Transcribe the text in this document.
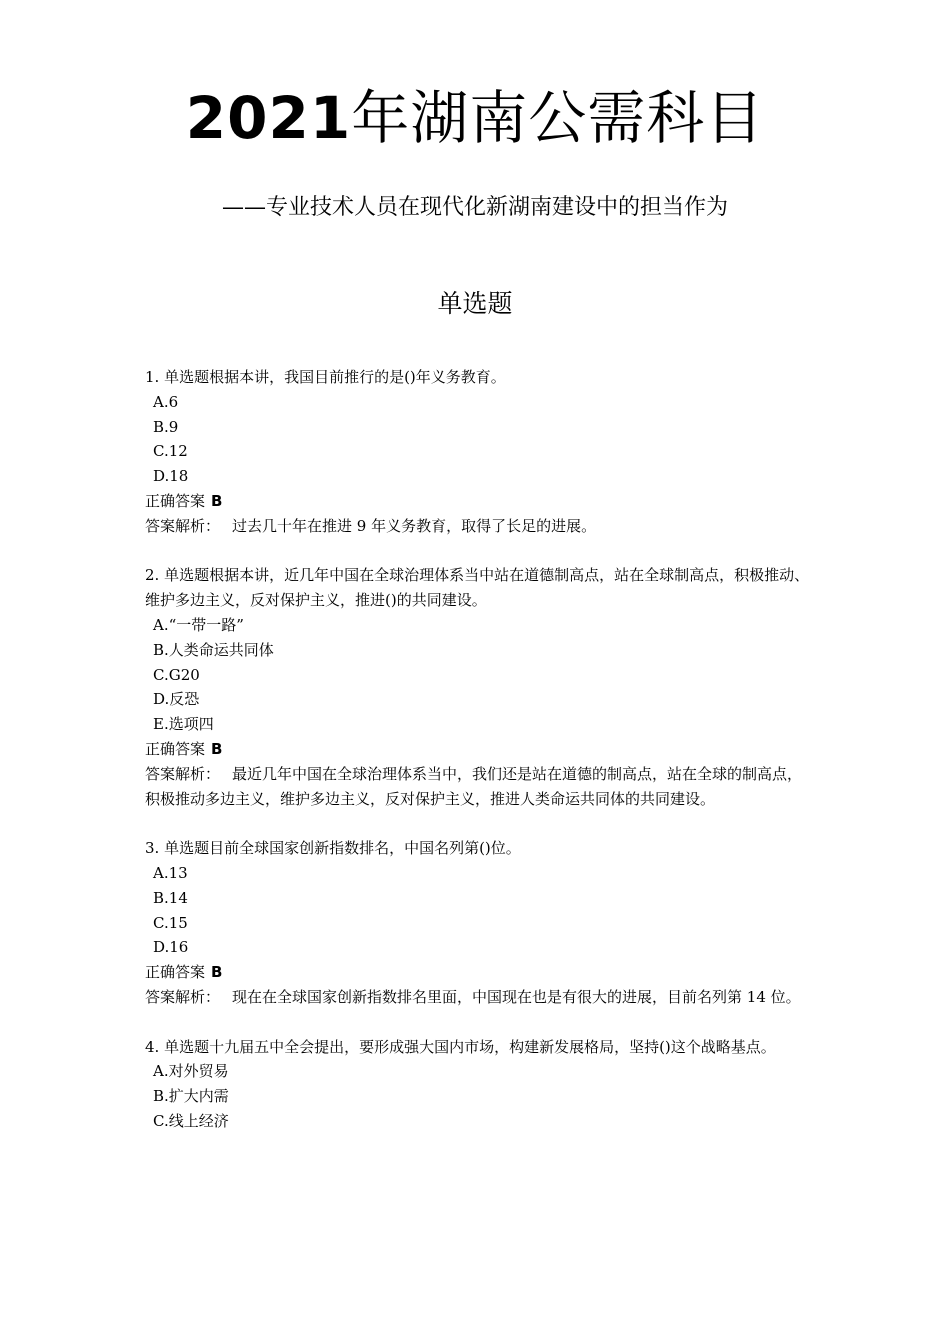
2021年湖南公需科目
——专业技术人员在现代化新湖南建设中的担当作为
单选题

1. 单选题根据本讲，我国目前推行的是()年义务教育。

A.6

B.9

C.12

D.18

正确答案 B

答案解析： 过去几十年在推进 9 年义务教育，取得了长足的进展。

2. 单选题根据本讲，近几年中国在全球治理体系当中站在道德制高点，站在全球制高点，积极推动、维护多边主义，反对保护主义，推进()的共同建设。

A.“一带一路”

B.人类命运共同体

C.G20

D.反恐

E.选项四

正确答案 B

答案解析： 最近几年中国在全球治理体系当中，我们还是站在道德的制高点，站在全球的制高点，积极推动多边主义，维护多边主义，反对保护主义，推进人类命运共同体的共同建设。

3. 单选题目前全球国家创新指数排名，中国名列第()位。

A.13

B.14

C.15

D.16

正确答案 B

答案解析： 现在在全球国家创新指数排名里面，中国现在也是有很大的进展，目前名列第 14 位。

4. 单选题十九届五中全会提出，要形成强大国内市场，构建新发展格局，坚持()这个战略基点。

A.对外贸易

B.扩大内需

C.线上经济
